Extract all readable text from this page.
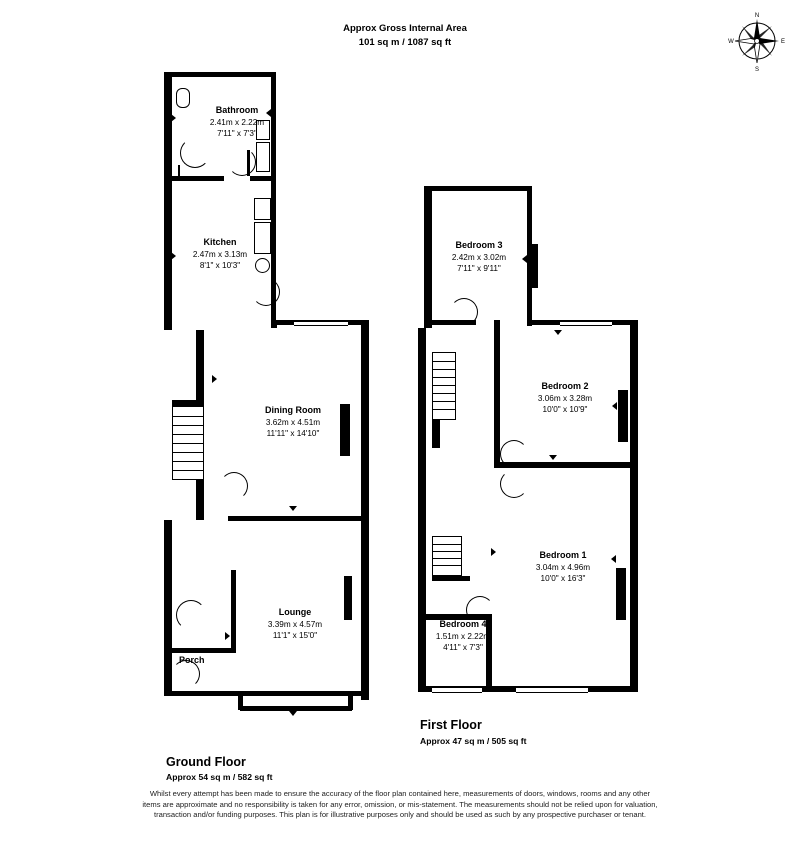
Approx Gross Internal Area
101 sq m / 1087 sq ft
N
E
S
W
Bathroom
2.41m x 2.22m
7'11" x 7'3"
Kitchen
2.47m x 3.13m
8'1" x 10'3"
Dining Room
3.62m x 4.51m
11'11" x 14'10"
Lounge
3.39m x 4.57m
11'1" x 15'0"
Porch
Ground Floor
Approx 54 sq m / 582 sq ft
Bedroom 3
2.42m x 3.02m
7'11" x 9'11"
Bedroom 2
3.06m x 3.28m
10'0" x 10'9"
Bedroom 1
3.04m x 4.96m
10'0" x 16'3"
Bedroom 4
1.51m x 2.22m
4'11" x 7'3"
First Floor
Approx 47 sq m / 505 sq ft
Whilst every attempt has been made to ensure the accuracy of the floor plan contained here, measurements of doors, windows, rooms and any other items are approximate and no responsibility is taken for any error, omission, or mis-statement. The measurements should not be relied upon for valuation, transaction and/or funding purposes. This plan is for illustrative purposes only and should be used as such by any prospective purchaser or tenant.
